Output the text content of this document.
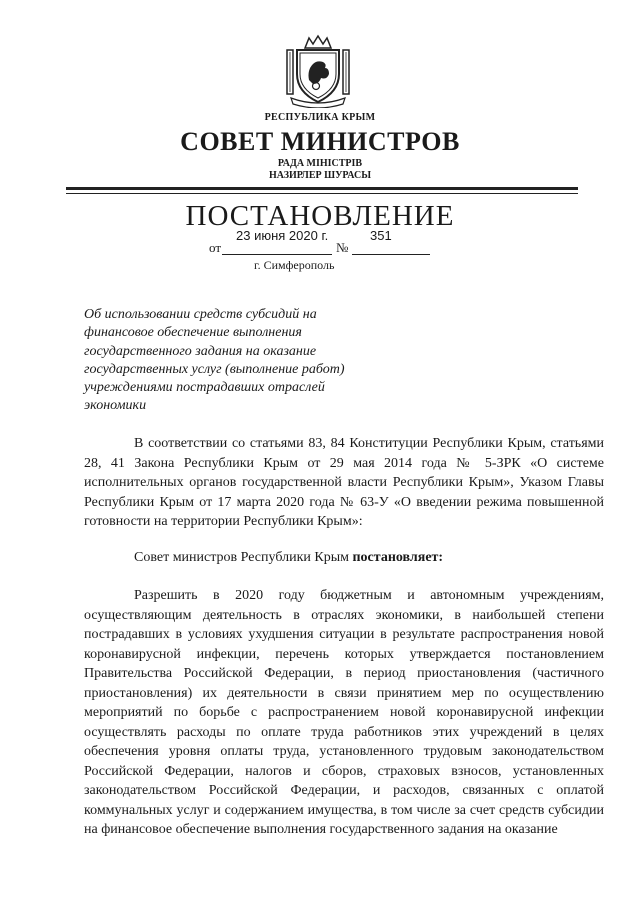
РЕСПУБЛИКА КРЫМ
СОВЕТ МИНИСТРОВ
РАДА МІНІСТРІВ
НАЗИРЛЕР ШУРАСЫ
ПОСТАНОВЛЕНИЕ
от
23 июня 2020 г.
№
351
г. Симферополь
Об использовании средств субсидий на финансовое обеспечение выполнения государственного задания на оказание государственных услуг (выполнение работ) учреждениями пострадавших отраслей экономики
В соответствии со статьями 83, 84 Конституции Республики Крым, статьями 28, 41 Закона Республики Крым от 29 мая 2014 года № 5-ЗРК «О системе исполнительных органов государственной власти Республики Крым», Указом Главы Республики Крым от 17 марта 2020 года № 63-У «О введении режима повышенной готовности на территории Республики Крым»:
Совет министров Республики Крым постановляет:
Разрешить в 2020 году бюджетным и автономным учреждениям, осуществляющим деятельность в отраслях экономики, в наибольшей степени пострадавших в условиях ухудшения ситуации в результате распространения новой коронавирусной инфекции, перечень которых утверждается постановлением Правительства Российской Федерации, в период приостановления (частичного приостановления) их деятельности в связи принятием мер по осуществлению мероприятий по борьбе с распространением новой коронавирусной инфекции осуществлять расходы по оплате труда работников этих учреждений в целях обеспечения уровня оплаты труда, установленного трудовым законодательством Российской Федерации, налогов и сборов, страховых взносов, установленных законодательством Российской Федерации, и расходов, связанных с оплатой коммунальных услуг и содержанием имущества, в том числе за счет средств субсидии на финансовое обеспечение выполнения государственного задания на оказание
